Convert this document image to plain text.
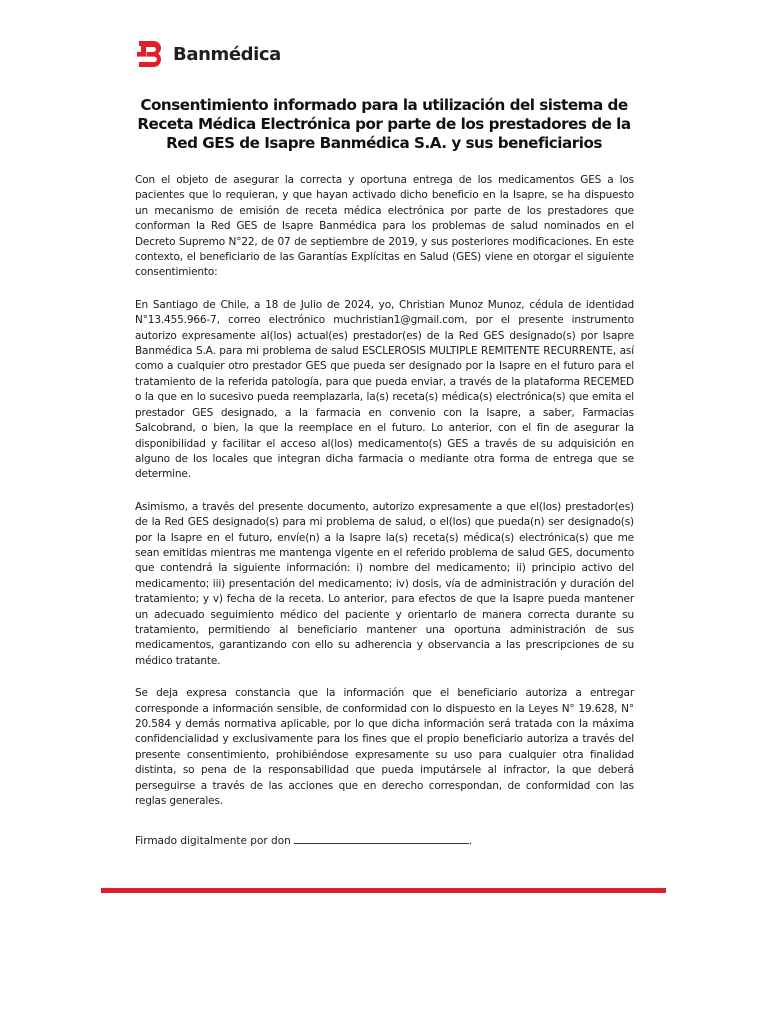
Banmédica
Consentimiento informado para la utilización del sistema de Receta Médica Electrónica por parte de los prestadores de la Red GES de Isapre Banmédica S.A. y sus beneficiarios

Con el objeto de asegurar la correcta y oportuna entrega de los medicamentos GES a los pacientes que lo requieran, y que hayan activado dicho beneficio en la Isapre, se ha dispuesto un mecanismo de emisión de receta médica electrónica por parte de los prestadores que conforman la Red GES de Isapre Banmédica para los problemas de salud nominados en el Decreto Supremo N°22, de 07 de septiembre de 2019, y sus posteriores modificaciones. En este contexto, el beneficiario de las Garantías Explícitas en Salud (GES) viene en otorgar el siguiente consentimiento:

En Santiago de Chile, a 18 de Julio de 2024, yo, Christian Munoz Munoz, cédula de identidad N°13.455.966-7, correo electrónico muchristian1@gmail.com, por el presente instrumento autorizo expresamente al(los) actual(es) prestador(es) de la Red GES designado(s) por Isapre Banmédica S.A. para mi problema de salud ESCLEROSIS MULTIPLE REMITENTE RECURRENTE, así como a cualquier otro prestador GES que pueda ser designado por la Isapre en el futuro para el tratamiento de la referida patología, para que pueda enviar, a través de la plataforma RECEMED o la que en lo sucesivo pueda reemplazarla, la(s) receta(s) médica(s) electrónica(s) que emita el prestador GES designado, a la farmacia en convenio con la Isapre, a saber, Farmacias Salcobrand, o bien, la que la reemplace en el futuro. Lo anterior, con el fin de asegurar la disponibilidad y facilitar el acceso al(los) medicamento(s) GES a través de su adquisición en alguno de los locales que integran dicha farmacia o mediante otra forma de entrega que se determine.

Asimismo, a través del presente documento, autorizo expresamente a que el(los) prestador(es) de la Red GES designado(s) para mi problema de salud, o el(los) que pueda(n) ser designado(s) por la Isapre en el futuro, envíe(n) a la Isapre la(s) receta(s) médica(s) electrónica(s) que me sean emitidas mientras me mantenga vigente en el referido problema de salud GES, documento que contendrá la siguiente información: i) nombre del medicamento; ii) principio activo del medicamento; iii) presentación del medicamento; iv) dosis, vía de administración y duración del tratamiento; y v) fecha de la receta. Lo anterior, para efectos de que la Isapre pueda mantener un adecuado seguimiento médico del paciente y orientarlo de manera correcta durante su tratamiento, permitiendo al beneficiario mantener una oportuna administración de sus medicamentos, garantizando con ello su adherencia y observancia a las prescripciones de su médico tratante.

Se deja expresa constancia que la información que el beneficiario autoriza a entregar corresponde a información sensible, de conformidad con lo dispuesto en la Leyes N° 19.628, N° 20.584 y demás normativa aplicable, por lo que dicha información será tratada con la máxima confidencialidad y exclusivamente para los fines que el propio beneficiario autoriza a través del presente consentimiento, prohibiéndose expresamente su uso para cualquier otra finalidad distinta, so pena de la responsabilidad que pueda imputársele al infractor, la que deberá perseguirse a través de las acciones que en derecho correspondan, de conformidad con las reglas generales.

Firmado digitalmente por don	.
